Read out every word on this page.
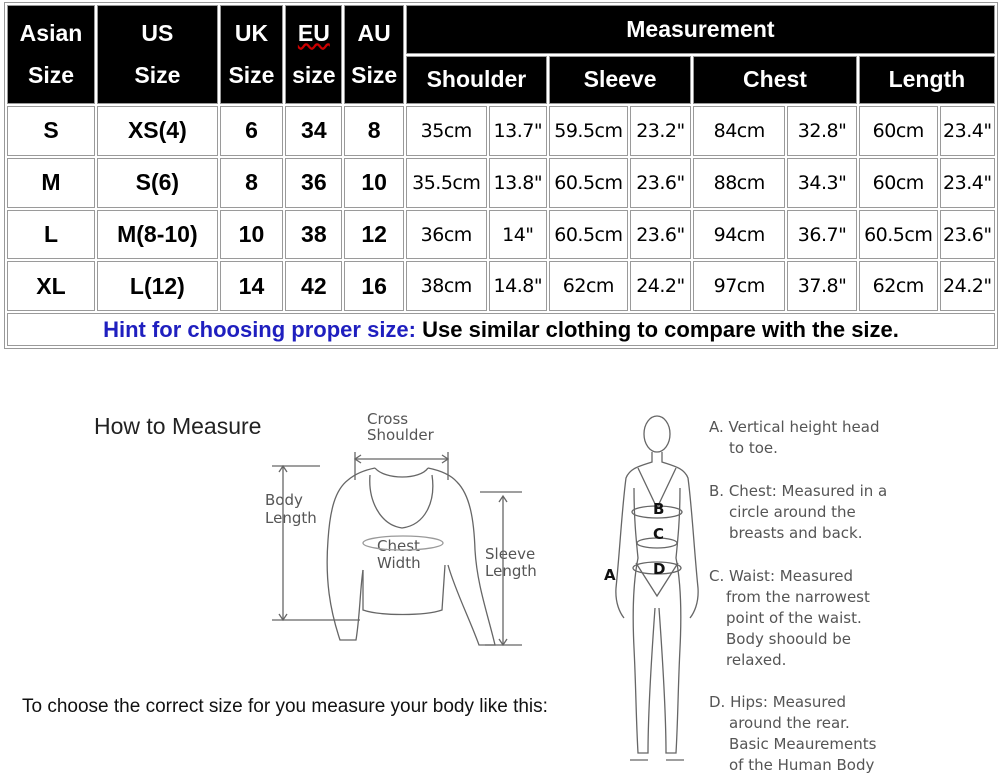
Asian
Size	US
Size	UK
Size	EU
size	AU
Size	Measurement							
					Shoulder		Sleeve		Chest		Length	
S	XS(4)	6	34	8	35cm	13.7"	59.5cm	23.2"	84cm	32.8"	60cm	23.4"
M	S(6)	8	36	10	35.5cm	13.8"	60.5cm	23.6"	88cm	34.3"	60cm	23.4"
L	M(8-10)	10	38	12	36cm	14"	60.5cm	23.6"	94cm	36.7"	60.5cm	23.6"
XL	L(12)	14	42	16	38cm	14.8"	62cm	24.2"	97cm	37.8"	62cm	24.2"
Hint for choosing proper size: Use similar clothing to compare with the size.												
How to Measure	Cross
Shoulder
Body
Length
Chest
Width	Sleeve
Length
To choose the correct size for you measure your body like this:
B
C
D
A
A. Vertical height head
to toe.
B. Chest: Measured in a
circle around the
breasts and back.
C. Waist: Measured
from the narrowest
point of the waist.
Body shoould be
relaxed.
D. Hips: Measured
around the rear.
Basic Meaurements
of the Human Body
